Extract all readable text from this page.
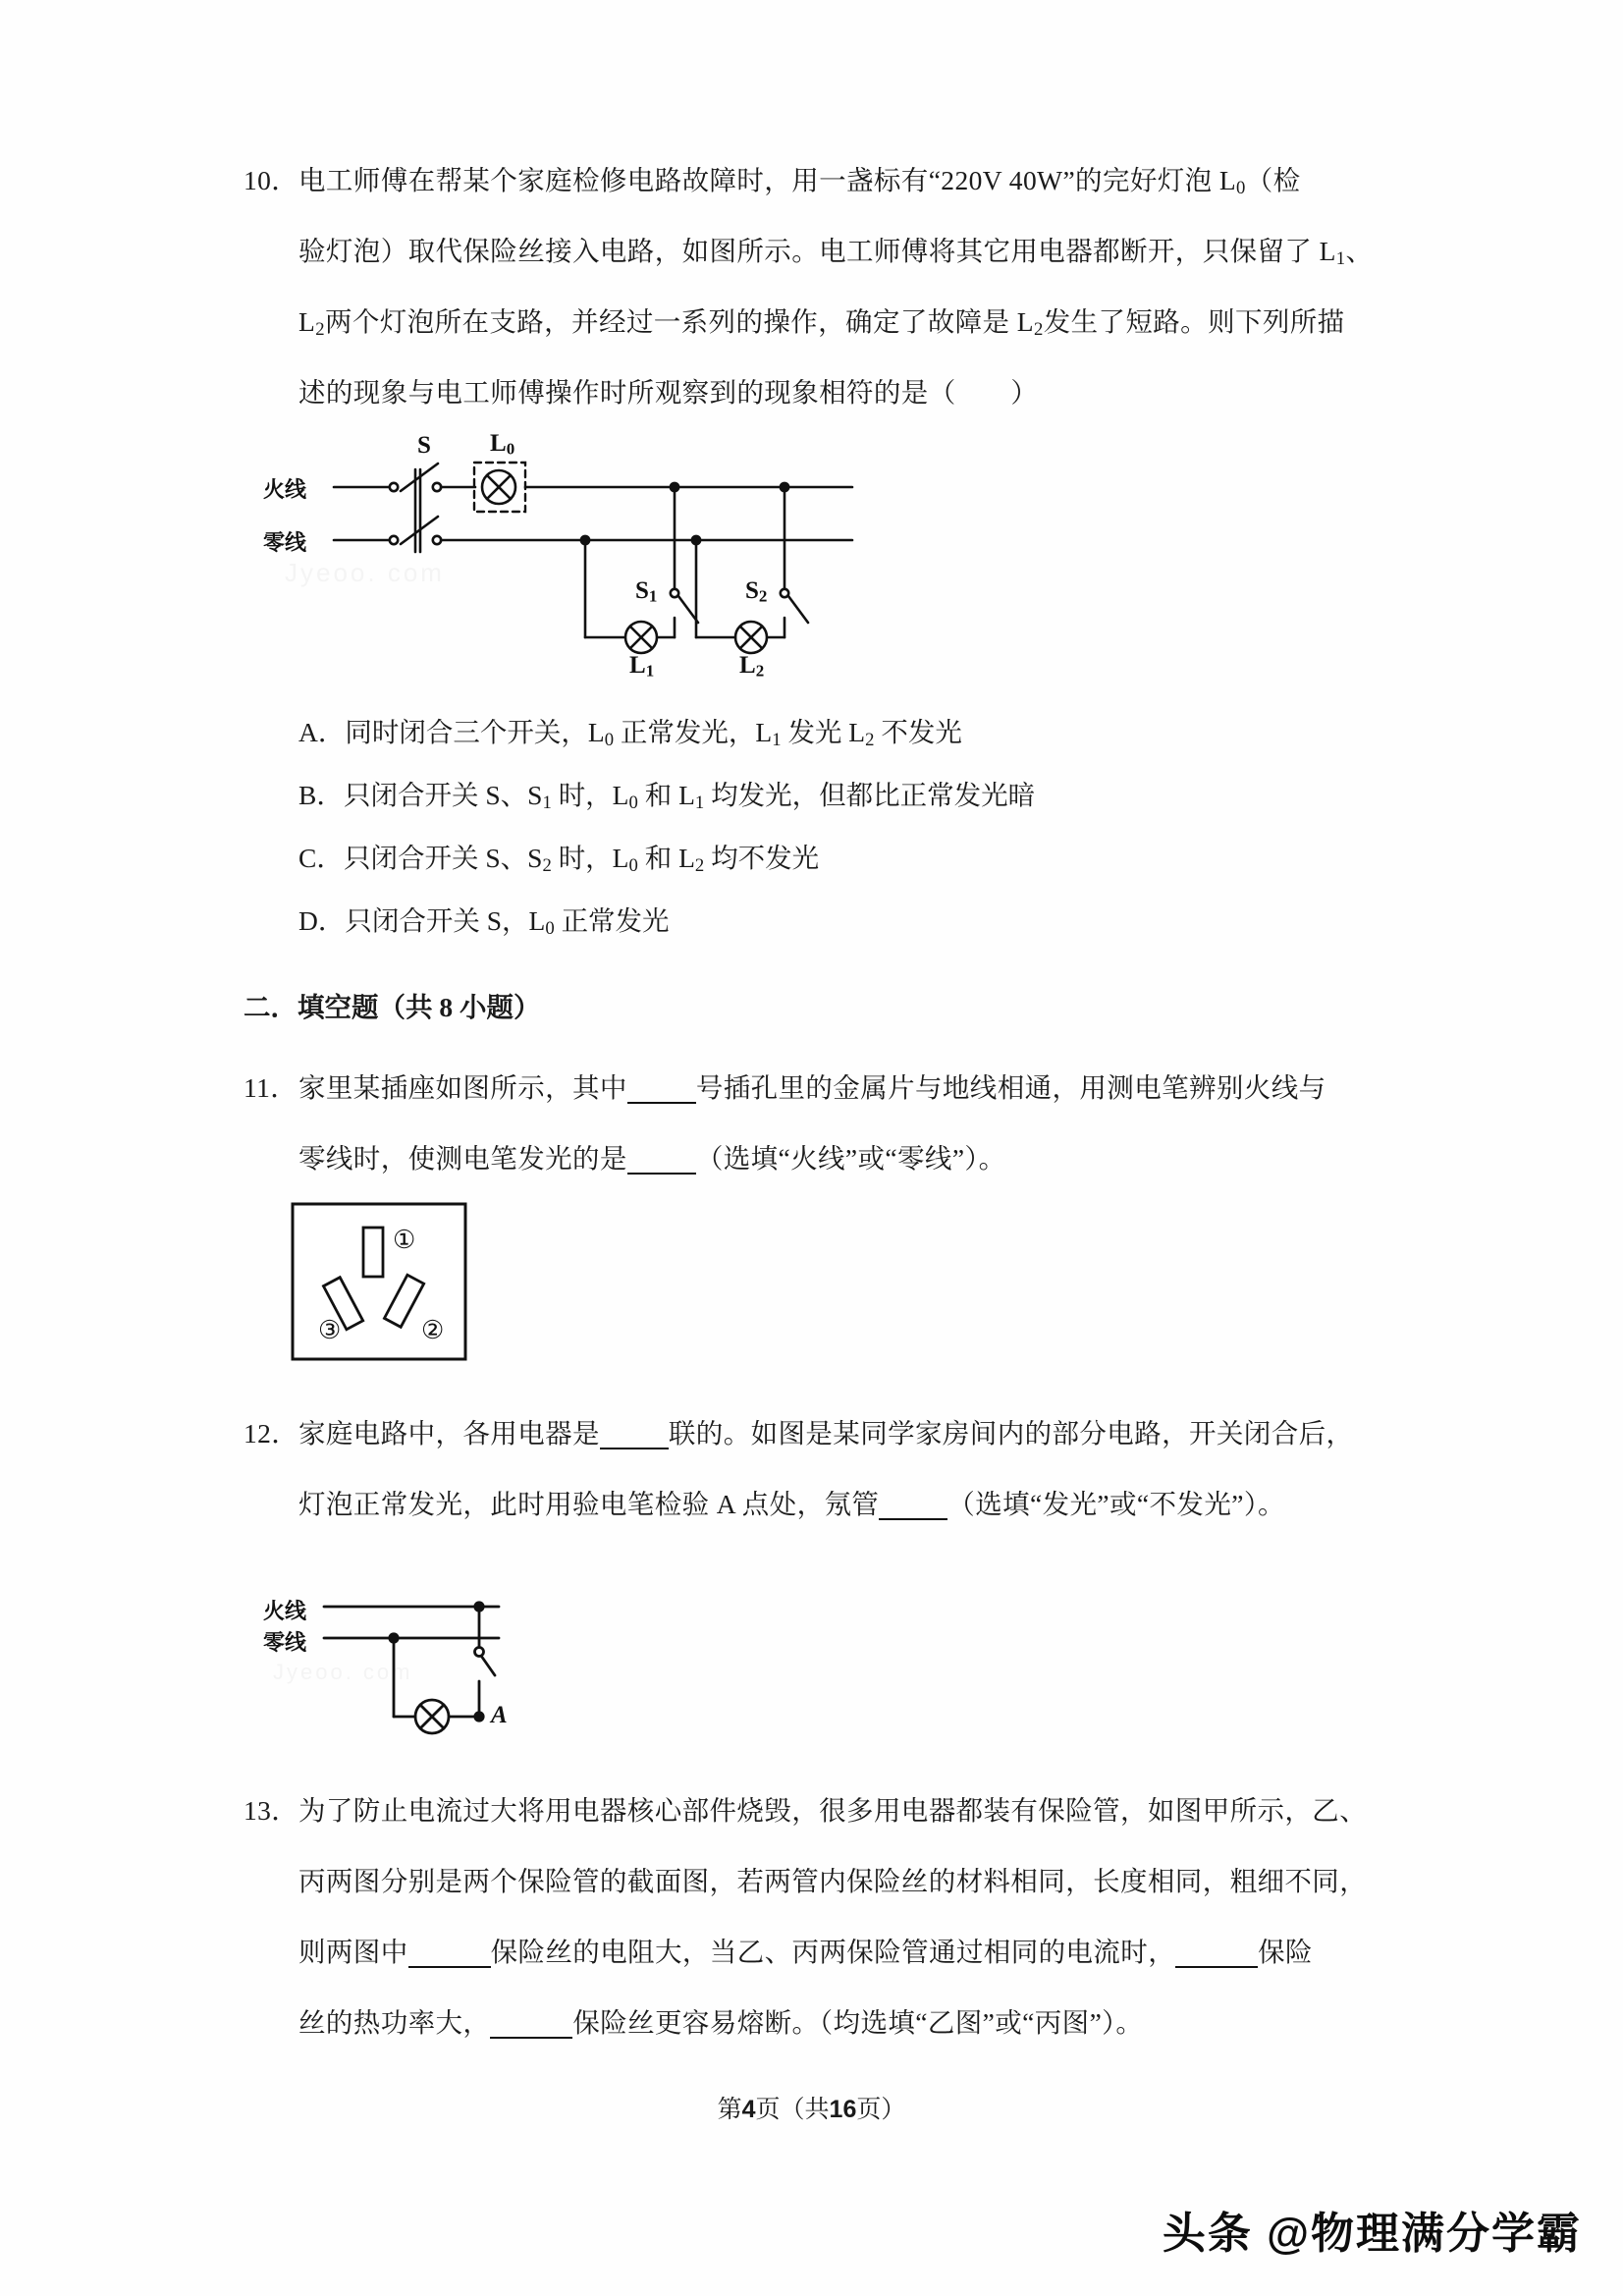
10．电工师傅在帮某个家庭检修电路故障时，用一盏标有“220V 40W”的完好灯泡 $L_0$（检
验灯泡）取代保险丝接入电路，如图所示。电工师傅将其它用电器都断开，只保留了 $L_1$、
$L_2$两个灯泡所在支路，并经过一系列的操作，确定了故障是 $L_2$发生了短路。则下列所描
述的现象与电工师傅操作时所观察到的现象相符的是（　　）
Jyeoo. com
火线
零线
S $L_0$
$S_1$	$S_2$
$L_1$	$L_2$
A．同时闭合三个开关，$L_0$ 正常发光，$L_1$ 发光 $L_2$ 不发光
B．只闭合开关 S、$S_1$ 时，$L_0$ 和 $L_1$ 均发光，但都比正常发光暗
C．只闭合开关 S、$S_2$ 时，$L_0$ 和 $L_2$ 均不发光
D．只闭合开关 S，$L_0$ 正常发光
二．填空题（共 8 小题）
11．家里某插座如图所示，其中	号插孔里的金属片与地线相通，用测电笔辨别火线与
零线时，使测电笔发光的是	（选填“火线”或“零线”）。
①
③	②
12．家庭电路中，各用电器是	联的。如图是某同学家房间内的部分电路，开关闭合后，
灯泡正常发光，此时用验电笔检验 A 点处，氖管	（选填“发光”或“不发光”）。
Jyeoo. com
火线
零线
A
13．为了防止电流过大将用电器核心部件烧毁，很多用电器都装有保险管，如图甲所示，乙、
丙两图分别是两个保险管的截面图，若两管内保险丝的材料相同，长度相同，粗细不同，
则两图中	保险丝的电阻大，当乙、丙两保险管通过相同的电流时，	保险
丝的热功率大，	保险丝更容易熔断。（均选填“乙图”或“丙图”）。
第4页（共16页）
头条 @物理满分学霸
